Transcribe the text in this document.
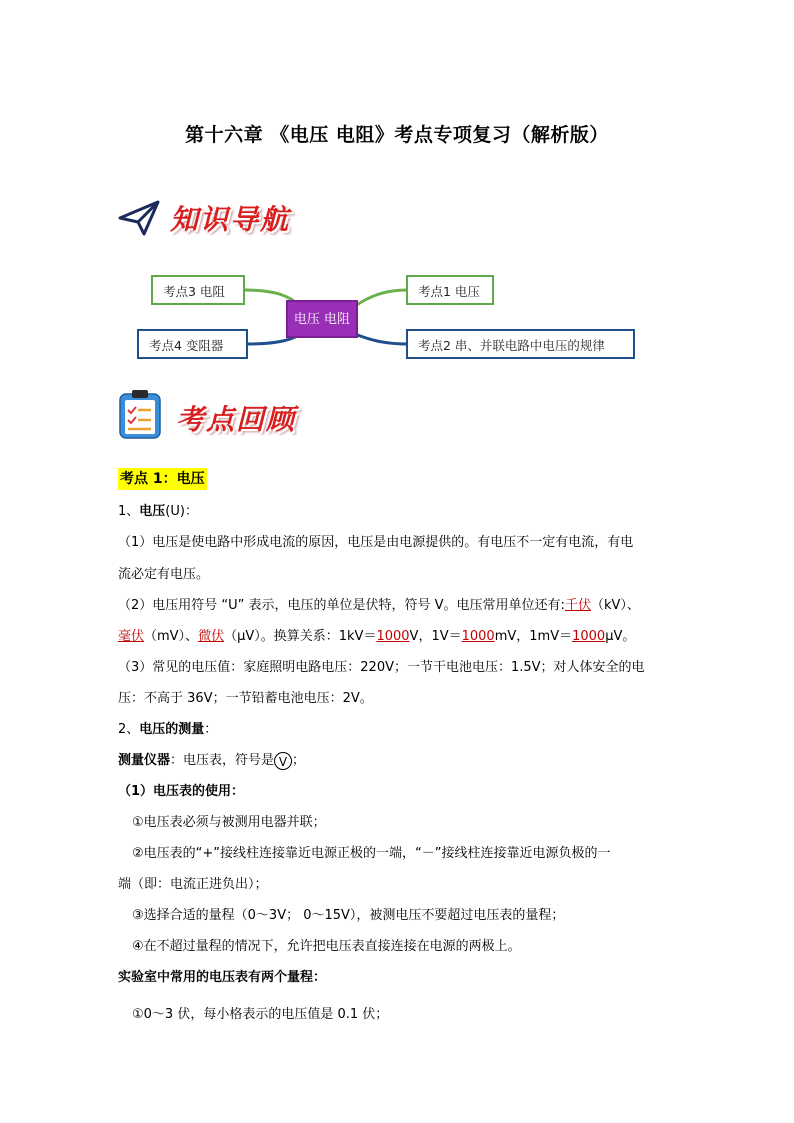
第十六章 《电压 电阻》考点专项复习（解析版）
知识导航
考点3 电阻
考点4 变阻器
电压 电阻
考点1 电压
考点2 串、并联电路中电压的规律
考点回顾
考点 1：电压
1、电压(U)：
（1）电压是使电路中形成电流的原因，电压是由电源提供的。有电压不一定有电流，有电
流必定有电压。
（2）电压用符号 “U” 表示，电压的单位是伏特，符号 V。电压常用单位还有:千伏（kV）、
毫伏（mV）、微伏（μV）。换算关系：1kV＝1000V，1V＝1000mV，1mV＝1000μV。
（3）常见的电压值：家庭照明电路电压：220V；一节干电池电压：1.5V；对人体安全的电
压：不高于 36V；一节铅蓄电池电压：2V。
2、电压的测量：
测量仪器：电压表，符号是 V ；
（1）电压表的使用：
①电压表必须与被测用电器并联；
②电压表的“+”接线柱连接靠近电源正极的一端，“－”接线柱连接靠近电源负极的一
端（即：电流正进负出）；
③选择合适的量程（0～3V； 0～15V），被测电压不要超过电压表的量程；
④在不超过量程的情况下，允许把电压表直接连接在电源的两极上。
实验室中常用的电压表有两个量程：
①0～3 伏，每小格表示的电压值是 0.1 伏；
